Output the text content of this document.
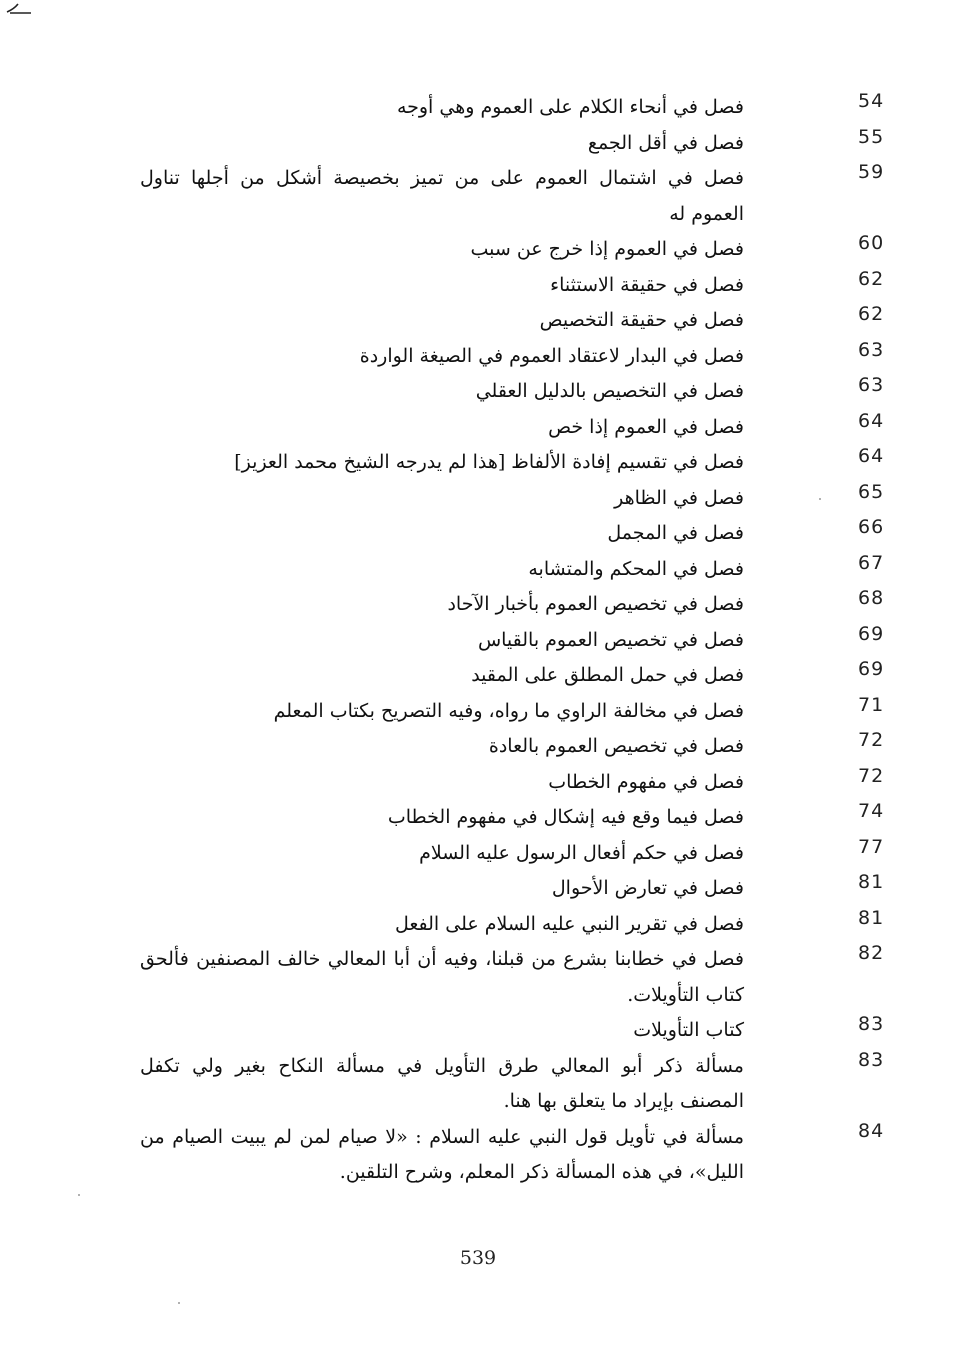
54
فصل في أنحاء الكلام على العموم وهي أوجه
55
فصل في أقل الجمع
59
فصل في اشتمال العموم على من تميز بخصيصة أشكل من أجلها تناول العموم له
60
فصل في العموم إذا خرج عن سبب
62
فصل في حقيقة الاستثناء
62
فصل في حقيقة التخصيص
63
فصل في البدار لاعتقاد العموم في الصيغة الواردة
63
فصل في التخصيص بالدليل العقلي
64
فصل في العموم إذا خص
64
فصل في تقسيم إفادة الألفاظ [هذا لم يدرجه الشيخ محمد العزيز]
65
فصل في الظاهر
66
فصل في المجمل
67
فصل في المحكم والمتشابه
68
فصل في تخصيص العموم بأخبار الآحاد
69
فصل في تخصيص العموم بالقياس
69
فصل في حمل المطلق على المقيد
71
فصل في مخالفة الراوي ما رواه، وفيه التصريح بكتاب المعلم
72
فصل في تخصيص العموم بالعادة
72
فصل في مفهوم الخطاب
74
فصل فيما وقع فيه إشكال في مفهوم الخطاب
77
فصل في حكم أفعال الرسول عليه السلام
81
فصل في تعارض الأحوال
81
فصل في تقرير النبي عليه السلام على الفعل
82
فصل في خطابنا بشرع من قبلنا، وفيه أن أبا المعالي خالف المصنفين فألحق كتاب التأويلات.
83
كتاب التأويلات
83
مسألة ذكر أبو المعالي طرق التأويل في مسألة النكاح بغير ولي تكفل المصنف بإيراد ما يتعلق بها هنا.
84
مسألة في تأويل قول النبي عليه السلام : «لا صيام لمن لم يبيت الصيام من الليل»، في هذه المسألة ذكر المعلم، وشرح التلقين.
539
